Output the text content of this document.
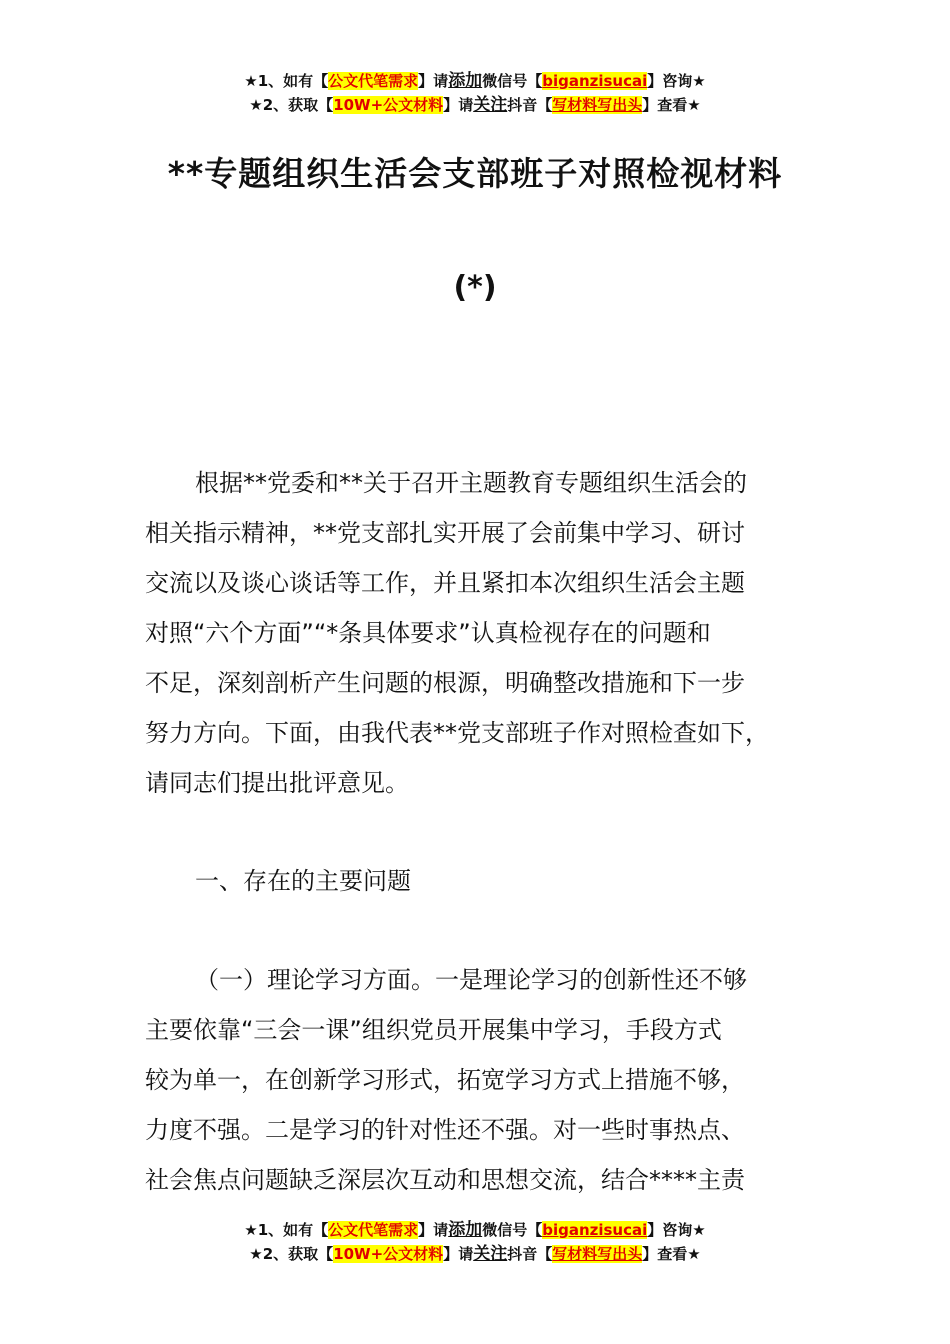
★1、如有【公文代笔需求】请添加微信号【biganzisucai】咨询★
★2、获取【10W+公文材料】请关注抖音【写材料写出头】查看★
**专题组织生活会支部班子对照检视材料
(*)
根据**党委和**关于召开主题教育专题组织生活会的
相关指示精神，**党支部扎实开展了会前集中学习、研讨
交流以及谈心谈话等工作，并且紧扣本次组织生活会主题
对照“六个方面”“*条具体要求”认真检视存在的问题和
不足，深刻剖析产生问题的根源，明确整改措施和下一步
努力方向。下面，由我代表**党支部班子作对照检查如下，
请同志们提出批评意见。
一、存在的主要问题
（一）理论学习方面。一是理论学习的创新性还不够
主要依靠“三会一课”组织党员开展集中学习，手段方式
较为单一，在创新学习形式，拓宽学习方式上措施不够，
力度不强。二是学习的针对性还不强。对一些时事热点、
社会焦点问题缺乏深层次互动和思想交流，结合****主责
★1、如有【公文代笔需求】请添加微信号【biganzisucai】咨询★
★2、获取【10W+公文材料】请关注抖音【写材料写出头】查看★
